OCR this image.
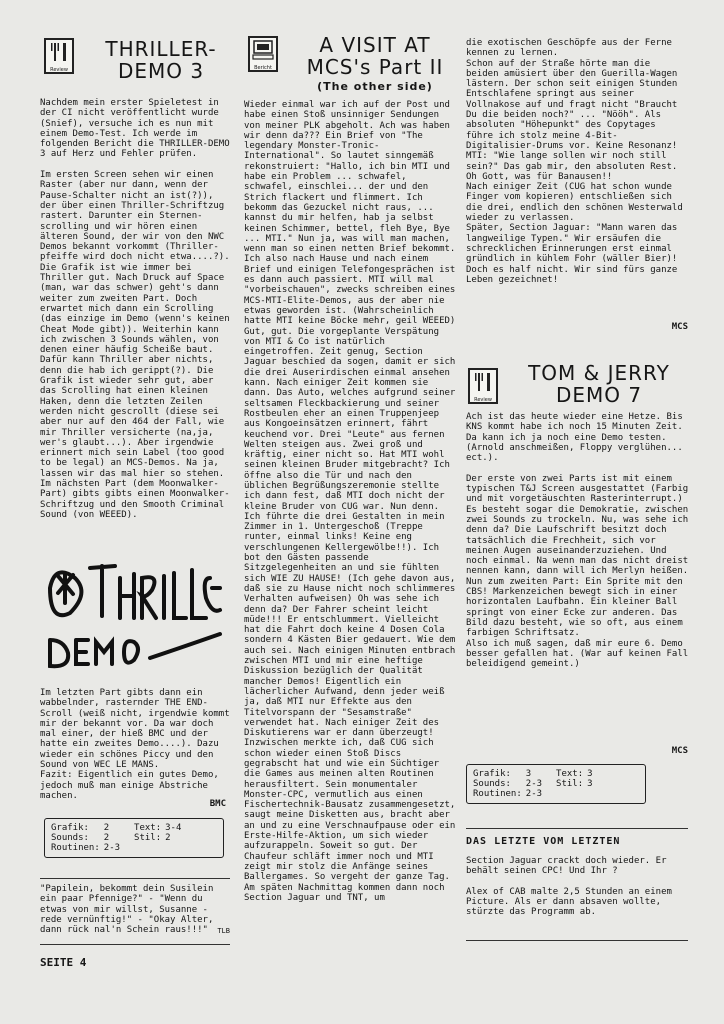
Review
THRILLER-
DEMO 3
Nachdem mein erster Spieletest in der CI nicht veröffentlicht wurde (Snief), versuche ich es nun mit einem Demo-Test. Ich werde im folgenden Bericht die THRILLER-DEMO 3 auf Herz und Fehler prüfen.

Im ersten Screen sehen wir einen Raster (aber nur dann, wenn der Pause-Schalter nicht an ist(?)), der über einen Thriller-Schriftzug rastert. Darunter ein Sternen-scrolling und wir hören einen älteren Sound, der wir von den NWC Demos bekannt vorkommt (Thriller-pfeiffe wird doch nicht etwa....?). Die Grafik ist wie immer bei Thriller gut. Nach Druck auf Space (man, war das schwer) geht's dann weiter zum zweiten Part. Doch erwartet mich dann ein Scrolling (das einzige im Demo (wenn's keinen Cheat Mode gibt)). Weiterhin kann ich zwischen 3 Sounds wählen, von denen einer häufig Scheiße baut. Dafür kann Thriller aber nichts, denn die hab ich gerippt(?). Die Grafik ist wieder sehr gut, aber das Scrolling hat einen kleinen Haken, denn die letzten Zeilen werden nicht gescrollt (diese sei aber nur auf den 464 der Fall, wie mir Thriller versicherte (na,ja, wer's glaubt...). Aber irgendwie erinnert mich sein Label (too good to be legal) an MCS-Demos. Na ja, lassen wir das mal hier so stehen. Im nächsten Part (dem Moonwalker-Part) gibts gibts einen Moonwalker-Schriftzug und den Smooth Criminal Sound (von WEEED).
Im letzten Part gibts dann ein wabbelnder, rasternder THE END-Scroll (weiß nicht, irgendwie kommt mir der bekannt vor. Da war doch mal einer, der hieß BMC und der hatte ein zweites Demo....). Dazu wieder ein schönes Piccy und den Sound von WEC LE MANS.
Fazit: Eigentlich ein gutes Demo, jedoch muß man einige Abstriche machen.
BMC
Grafik:	2	Text:	3-4
Sounds:	2	Stil:	2
Routinen:	2-3		
"Papilein, bekommt dein Susilein ein paar Pfennige?" - "Wenn du etwas von mir willst, Susanne - rede vernünftig!" - "Okay Alter, dann rück nal'n Schein raus!!!"	TLB
SEITE 4
Bericht
A VISIT AT
MCS's Part II
(The other side)
Wieder einmal war ich auf der Post und habe einen Stoß unsinniger Sendungen von meiner PLK abgeholt. Ach was haben wir denn da??? Ein Brief von "The legendary Monster-Tronic-International". So lautet sinngemäß rekonstruiert: "Hallo, ich bin MTI und habe ein Problem ... schwafel, schwafel, einschlei... der und den Strich flackert und flimmert. Ich bekomm das Gezuckel nicht raus, ... kannst du mir helfen, hab ja selbst keinen Schimmer, bettel, fleh Bye, Bye ... MTI." Nun ja, was will man machen, wenn man so einen netten Brief bekommt. Ich also nach Hause und nach einem Brief und einigen Telefongesprächen ist es dann auch passiert. MTI will mal "vorbeischauen", zwecks schreiben eines MCS-MTI-Elite-Demos, aus der aber nie etwas geworden ist. (Wahrscheinlich hatte MTI keine Böcke mehr, geil WEEED) Gut, gut. Die vorgeplante Verspätung von MTI & Co ist natürlich eingetroffen. Zeit genug, Section Jaguar beschied da sogen, damit er sich die drei Auserirdischen einmal ansehen kann. Nach einiger Zeit kommen sie dann. Das Auto, welches aufgrund seiner seltsamen Fleckbackierung und seiner Rostbeulen eher an einen Truppenjeep aus Kongoeinsätzen erinnert, fährt keuchend vor. Drei "Leute" aus fernen Welten steigen aus. Zwei groß und kräftig, einer nicht so. Hat MTI wohl seinen kleinen Bruder mitgebracht? Ich öffne also die Tür und nach den üblichen Begrüßungszeremonie stellte ich dann fest, daß MTI doch nicht der kleine Bruder von CUG war. Nun denn. Ich führte die drei Gestalten in mein Zimmer in 1. Untergeschoß (Treppe runter, einmal links! Keine eng verschlungenen Kellergewölbe!!). Ich bot den Gästen passende Sitzgelegenheiten an und sie fühlten sich WIE ZU HAUSE! (Ich gehe davon aus, daß sie zu Hause nicht noch schlimmeres Verhalten aufweisen) Oh was sehe ich denn da? Der Fahrer scheint leicht müde!!! Er entschlummert. Vielleicht hat die Fahrt doch keine 4 Dosen Cola sondern 4 Kästen Bier gedauert. Wie dem auch sei. Nach einigen Minuten entbrach zwischen MTI und mir eine heftige Diskussion bezüglich der Qualität mancher Demos! Eigentlich ein lächerlicher Aufwand, denn jeder weiß ja, daß MTI nur Effekte aus den Titelvorspann der "Sesamstraße" verwendet hat. Nach einiger Zeit des Diskutierens war er dann überzeugt! Inzwischen merkte ich, daß CUG sich schon wieder einen Stoß Discs gegrabscht hat und wie ein Süchtiger die Games aus meinen alten Routinen herausfiltert. Sein monumentaler Monster-CPC, vermutlich aus einen Fischertechnik-Bausatz zusammengesetzt, saugt meine Disketten aus, bracht aber an und zu eine Verschnaufpause oder ein Erste-Hilfe-Aktion, um sich wieder aufzurappeln. Soweit so gut. Der Chaufeur schläft immer noch und MTI zeigt mir stolz die Anfänge seines Ballergames. So vergeht der ganze Tag. Am späten Nachmittag kommen dann noch Section Jaguar und TNT, um
die exotischen Geschöpfe aus der Ferne kennen zu lernen.
Schon auf der Straße hörte man die beiden amüsiert über den Guerilla-Wagen lästern. Der schon seit einigen Stunden Entschlafene springt aus seiner Vollnakose auf und fragt nicht "Braucht Du die beiden noch?" ... "Nööh". Als absoluten "Höhepunkt" des Copytages führe ich stolz meine 4-Bit-Digitalisier-Drums vor. Keine Resonanz! MTI: "Wie lange sollen wir noch still sein?" Das gab mir, den absoluten Rest. Oh Gott, was für Banausen!!
Nach einiger Zeit (CUG hat schon wunde Finger vom kopieren) entschließen sich die drei, endlich den schönen Westerwald wieder zu verlassen.
Später, Section Jaguar: "Mann waren das langweilige Typen." Wir ersäufen die schrecklichen Erinnerungen erst einmal gründlich in kühlem Fohr (wäller Bier)!
Doch es half nicht. Wir sind fürs ganze Leben gezeichnet!
MCS
Review
TOM & JERRY
DEMO 7
Ach ist das heute wieder eine Hetze. Bis KNS kommt habe ich noch 15 Minuten Zeit. Da kann ich ja noch eine Demo testen. (Arnold anschmeißen, Floppy verglühen... ect.).

Der erste von zwei Parts ist mit einem typischen T&J Screen ausgestattet (Farbig und mit vorgetäuschten Rasterinterrupt.) Es besteht sogar die Demokratie, zwischen zwei Sounds zu trockeln. Nu, was sehe ich denn da? Die Laufschrift besitzt doch tatsächlich die Frechheit, sich vor meinen Augen auseinanderzuziehen. Und noch einmal. Na wenn man das nicht dreist nennen kann, dann will ich Merlyn heißen. Nun zum zweiten Part: Ein Sprite mit den CBS! Markenzeichen bewegt sich in einer horizontalen Laufbahn. Ein kleiner Ball springt von einer Ecke zur anderen. Das Bild dazu besteht, wie so oft, aus einem farbigen Schriftsatz.
Also ich muß sagen, daß mir eure 6. Demo besser gefallen hat. (War auf keinen Fall beleidigend gemeint.)
MCS
Grafik:	3	Text:	3
Sounds:	2-3	Stil:	3
Routinen:	2-3		
DAS LETZTE VOM LETZTEN
Section Jaguar crackt doch wieder. Er behält seinen CPC! Und Ihr ?

Alex of CAB malte 2,5 Stunden an einem Picture. Als er dann absaven wollte, stürzte das Programm ab.
